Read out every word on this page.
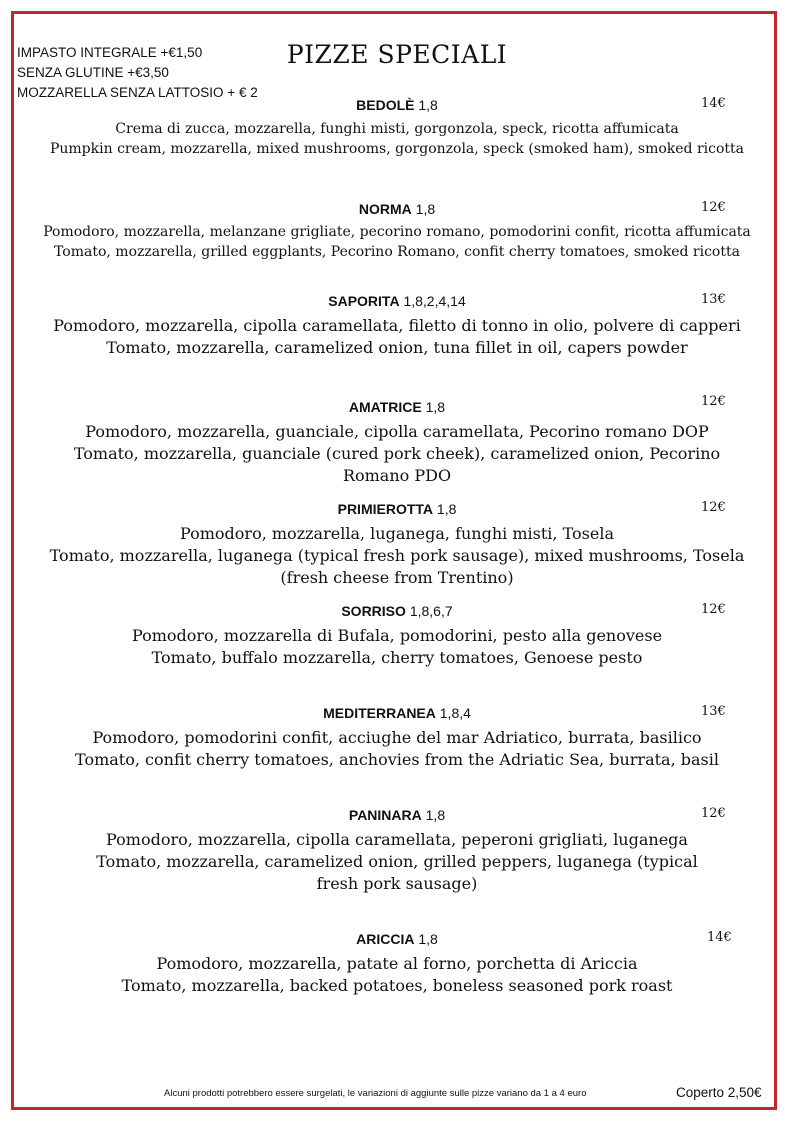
IMPASTO INTEGRALE +€1,50
SENZA GLUTINE +€3,50
MOZZARELLA SENZA LATTOSIO + € 2
PIZZE SPECIALI
BEDOLÈ 1,8	14€
Crema di zucca, mozzarella, funghi misti, gorgonzola, speck, ricotta affumicata
Pumpkin cream, mozzarella, mixed mushrooms, gorgonzola, speck (smoked ham), smoked ricotta
NORMA 1,8	12€
Pomodoro, mozzarella, melanzane grigliate, pecorino romano, pomodorini confit, ricotta affumicata
Tomato, mozzarella, grilled eggplants, Pecorino Romano, confit cherry tomatoes, smoked ricotta
SAPORITA 1,8,2,4,14	13€
Pomodoro, mozzarella, cipolla caramellata, filetto di tonno in olio, polvere di capperi
Tomato, mozzarella, caramelized onion, tuna fillet in oil, capers powder
AMATRICE 1,8	12€
Pomodoro, mozzarella, guanciale, cipolla caramellata, Pecorino romano DOP
Tomato, mozzarella, guanciale (cured pork cheek), caramelized onion, Pecorino Romano PDO
PRIMIEROTTA 1,8	12€
Pomodoro, mozzarella, luganega, funghi misti, Tosela
Tomato, mozzarella, luganega (typical fresh pork sausage), mixed mushrooms, Tosela (fresh cheese from Trentino)
SORRISO 1,8,6,7	12€
Pomodoro, mozzarella di Bufala, pomodorini, pesto alla genovese
Tomato, buffalo mozzarella, cherry tomatoes, Genoese pesto
MEDITERRANEA 1,8,4	13€
Pomodoro, pomodorini confit, acciughe del mar Adriatico, burrata, basilico
Tomato, confit cherry tomatoes, anchovies from the Adriatic Sea, burrata, basil
PANINARA 1,8	12€
Pomodoro, mozzarella, cipolla caramellata, peperoni grigliati, luganega
Tomato, mozzarella, caramelized onion, grilled peppers, luganega (typical fresh pork sausage)
ARICCIA 1,8	14€
Pomodoro, mozzarella, patate al forno, porchetta di Ariccia
Tomato, mozzarella, backed potatoes, boneless seasoned pork roast
Alcuni prodotti potrebbero essere surgelati, le variazioni di aggiunte sulle pizze variano da 1 a 4 euro	Coperto 2,50€
